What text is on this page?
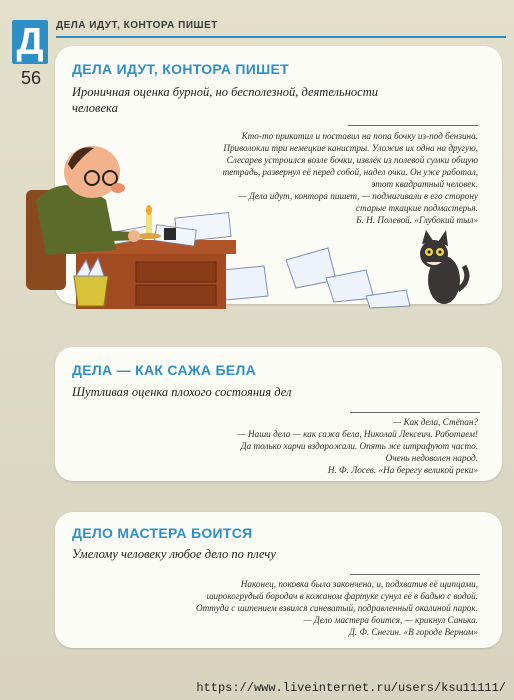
Д
56
ДЕЛА ИДУТ, КОНТОРА ПИШЕТ
ДЕЛА ИДУТ, КОНТОРА ПИШЕТ
Ироничная оценка бурной, но бесполезной, деятельности
человека
Кто-то прикатил и поставил на попа бочку из-под бензина.
Приволокли три немецкие канистры. Уложив их одна на другую,
Слесарев устроился возле бочки, извлёк из полевой сумки общую
тетрадь, развернул её перед собой, надел очки. Он уже работал,
этот квадратный человек.
— Дела идут, контора пишет, — подмигивали в его сторону
старые ткацкие подмастерья.
Б. Н. Полевой. «Глубокий тыл»
ДЕЛА — КАК САЖА БЕЛА
Шутливая оценка плохого состояния дел
— Как дела, Стёпан?
— Наши дела — как сажа бела, Николай Лексеич. Работаем!
Да только харчи вздорожали. Опять же штрафуют часто.
Очень недоволен народ.
Н. Ф. Лосев. «На берегу великой реки»
ДЕЛО МАСТЕРА БОИТСЯ
Умелому человеку любое дело по плечу
Наконец, поковка была закончена, и, подхватив её щипцами,
широкогрудый бородач в кожаном фартуке сунул её в бадью с водой.
Оттуда с шипением взвился синеватый, подравленный окалиной парок.
— Дело мастера боится, — крикнул Санька.
Д. Ф. Снегин. «В городе Верном»
https://www.liveinternet.ru/users/ksu11111/
